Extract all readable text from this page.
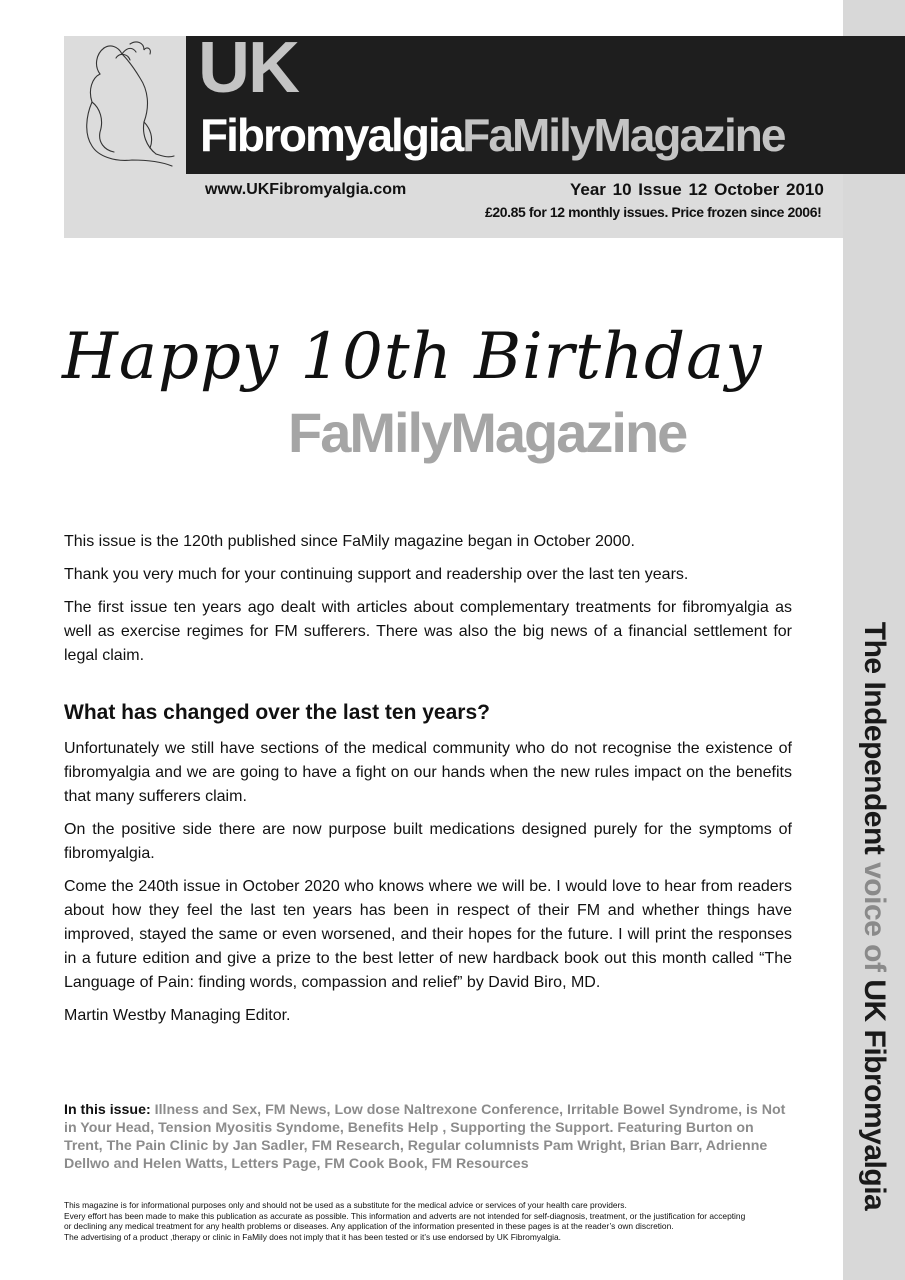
The Independent voice of UK Fibromyalgia
UK
FibromyalgiaFaMilyMagazine
www.UKFibromyalgia.com	Year 10 Issue 12 October 2010
£20.85 for 12 monthly issues. Price frozen since 2006!
Happy 10th Birthday
FaMilyMagazine

This issue is the 120th published since FaMily magazine began in October 2000.

Thank you very much for your continuing support and readership over the last ten years.

The first issue ten years ago dealt with articles about complementary treatments for fibromyalgia as well as exercise regimes for FM sufferers. There was also the big news of a financial settlement for legal claim.

What has changed over the last ten years?

Unfortunately we still have sections of the medical community who do not recognise the existence of fibromyalgia and we are going to have a fight on our hands when the new rules impact on the benefits that many sufferers claim.

On the positive side there are now purpose built medications designed purely for the symptoms of fibromyalgia.

Come the 240th issue in October 2020 who knows where we will be. I would love to hear from readers about how they feel the last ten years has been in respect of their FM and whether things have improved, stayed the same or even worsened, and their hopes for the future. I will print the responses in a future edition and give a prize to the best letter of new hardback book out this month called “The Language of Pain: finding words, compassion and relief” by David Biro, MD.

Martin Westby Managing Editor.

In this issue: Illness and Sex, FM News, Low dose Naltrexone Conference, Irritable Bowel Syndrome, is Not in Your Head, Tension Myositis Syndome, Benefits Help , Supporting the Support. Featuring Burton on Trent, The Pain Clinic by Jan Sadler, FM Research, Regular columnists Pam Wright, Brian Barr, Adrienne Dellwo and Helen Watts, Letters Page, FM Cook Book, FM Resources
This magazine is for informational purposes only and should not be used as a substitute for the medical advice or services of your health care providers.
Every effort has been made to make this publication as accurate as possible. This information and adverts are not intended for self-diagnosis, treatment, or the justification for accepting
or declining any medical treatment for any health problems or diseases. Any application of the information presented in these pages is at the reader’s own discretion.
The advertising of a product ,therapy or clinic in FaMily does not imply that it has been tested or it’s use endorsed by UK Fibromyalgia.
